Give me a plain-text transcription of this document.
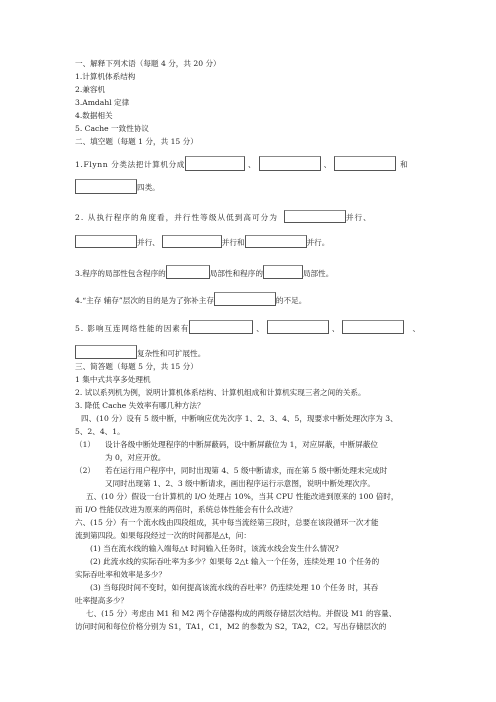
一、解释下列术语（每题 4 分，共 20 分）
1.计算机体系结构
2.兼容机
3.Amdahl 定律
4.数据相关
5. Cache 一致性协议
二、填空题（每题 1 分，共 15 分）
1.Flynn 分类法把计算机分成	、	、	和
四类。
2. 从执行程序的角度看，并行性等级从低到高可分为	并行、
并行、	并行和	并行。
3.程序的局部性包含程序的	局部性和程序的	局部性。
4.“主存 辅存”层次的目的是为了弥补主存	的不足。
5. 影响互连网络性能的因素有	、	、	、
复杂性和可扩展性。
三、简答题（每题 5 分，共 15 分）
1 集中式共享多处理机
2. 试以系列机为例，说明计算机体系结构、计算机组成和计算机实现三者之间的关系。
3. 降低 Cache 失效率有哪几种方法？
四、(10 分）设有 5 级中断，中断响应优先次序 1、2、3、4、5，现要求中断处理次序为 3、
5、2、4、1。
（1） 设计各级中断处理程序的中断屏蔽码，设中断屏蔽位为 1，对应屏蔽，中断屏蔽位
为 0，对应开放。
（2） 若在运行用户程序中，同时出现第 4、5 级中断请求，而在第 5 级中断处理未完成时
又同时出现第 1、2、3 级中断请求，画出程序运行示意图，说明中断处理次序。
五、(10 分）假设一台计算机的 I/O 处理占 10%，当其 CPU 性能改进到原来的 100 倍时，
而 I/O 性能仅改进为原来的两倍时，系统总体性能会有什么改进？
六、(15 分）有一个流水线由四段组成，其中每当流经第三段时，总要在该段循环一次才能
流到第四段。如果每段经过一次的时间都是△t，问：
(1) 当在流水线的输入端每△t 时间输入任务时，该流水线会发生什么情况?
(2) 此流水线的实际吞吐率为多少？如果每 2△t 输入一个任务，连续处理 10 个任务的
实际吞吐率和效率是多少？
(3) 当每段时间不变时，如何提高该流水线的吞吐率？仍连续处理 10 个任务 时，其吞
吐率提高多少？
七、(15 分）考虑由 M1 和 M2 两个存储器构成的两级存储层次结构。并假设 M1 的容量、
访问时间和每位价格分别为 S1，TA1，C1，M2 的参数为 S2，TA2，C2。写出存储层次的
